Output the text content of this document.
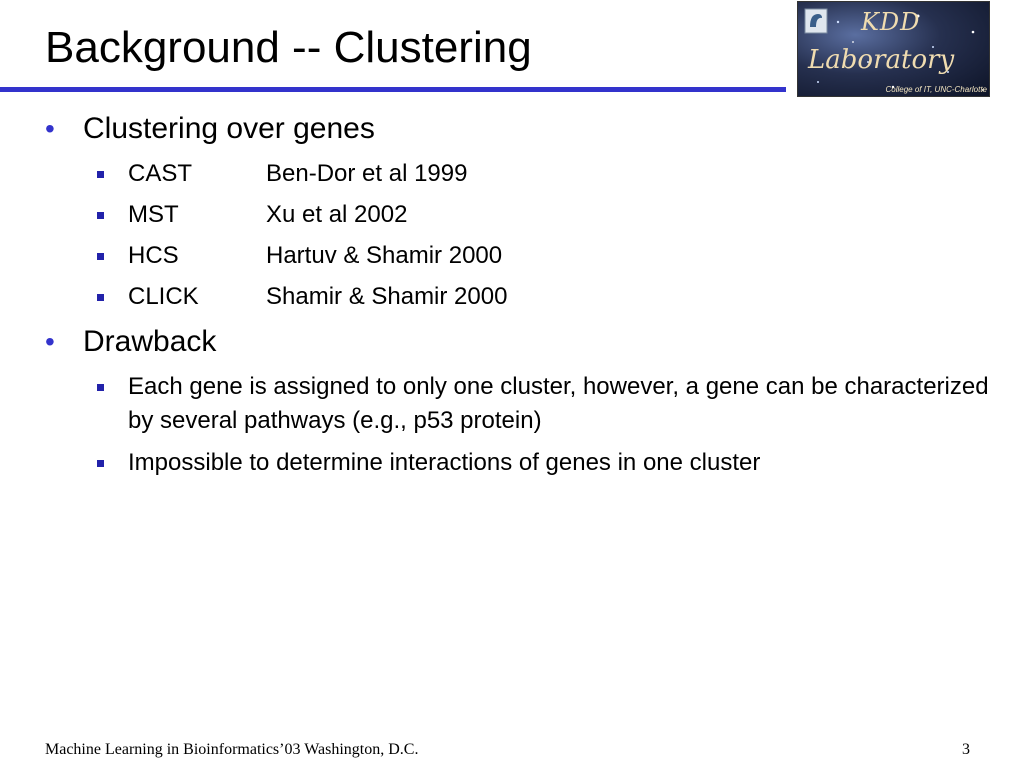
Background -- Clustering
KDD
Laboratory
College of IT, UNC-Charlotte
• Clustering over genes
CAST	Ben-Dor et al 1999
MST	Xu et al 2002
HCS	Hartuv & Shamir 2000
CLICK	Shamir & Shamir 2000
• Drawback
Each gene is assigned to only one cluster, however, a gene can be characterized by several pathways (e.g., p53 protein)
Impossible to determine interactions of genes in one cluster
Machine Learning in Bioinformatics’03 Washington, D.C.	3
